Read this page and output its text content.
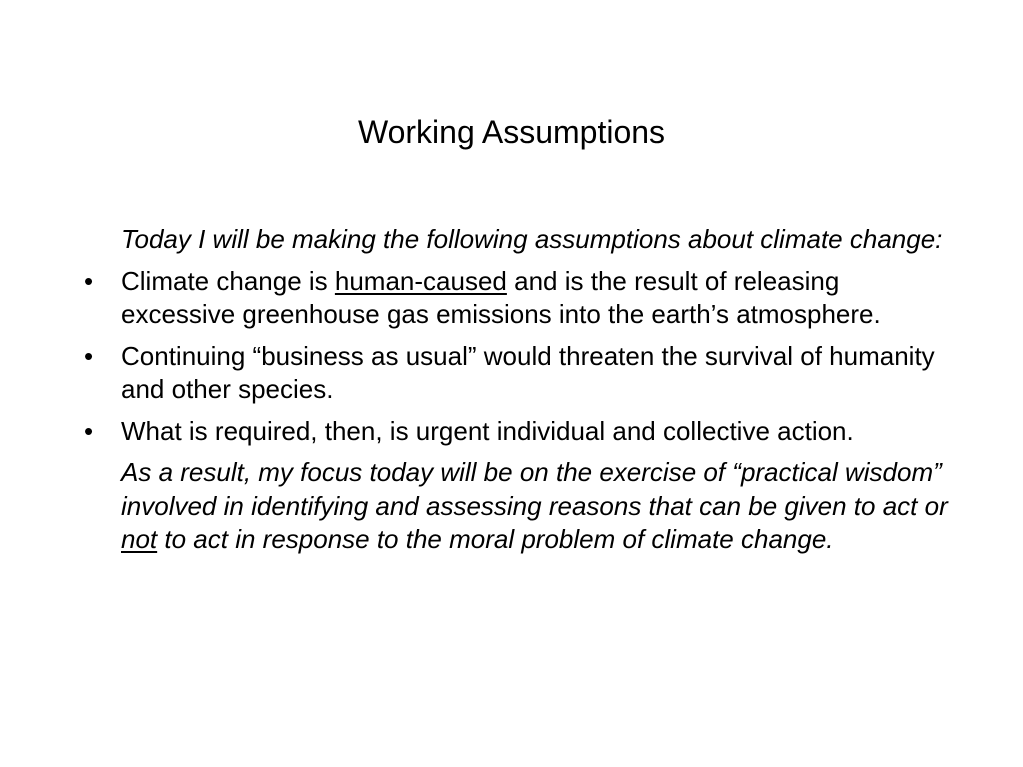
Working Assumptions

Today I will be making the following assumptions about climate change:

• Climate change is human-caused and is the result of releasing excessive greenhouse gas emissions into the earth’s atmosphere.
• Continuing “business as usual” would threaten the survival of humanity and other species.
• What is required, then, is urgent individual and collective action.

As a result, my focus today will be on the exercise of “practical wisdom” involved in identifying and assessing reasons that can be given to act or not to act in response to the moral problem of climate change.
